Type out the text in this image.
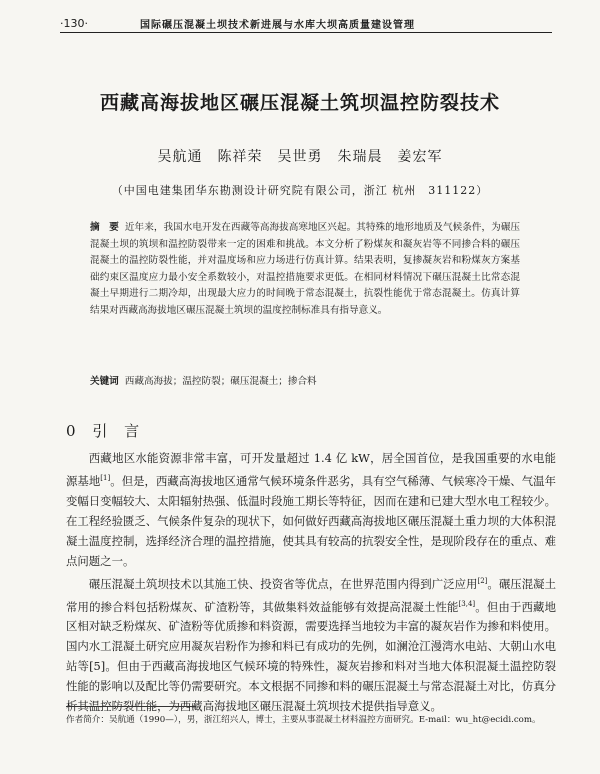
·130·	国际碾压混凝土坝技术新进展与水库大坝高质量建设管理
西藏高海拔地区碾压混凝土筑坝温控防裂技术
吴航通　陈祥荣　吴世勇　朱瑞晨　姜宏军
（中国电建集团华东勘测设计研究院有限公司，浙江 杭州　311122）
摘　要 近年来，我国水电开发在西藏等高海拔高寒地区兴起。其特殊的地形地质及气候条件，为碾压混凝土坝的筑坝和温控防裂带来一定的困难和挑战。本文分析了粉煤灰和凝灰岩等不同掺合料的碾压混凝土的温控防裂性能，并对温度场和应力场进行仿真计算。结果表明，复掺凝灰岩和粉煤灰方案基础约束区温度应力最小安全系数较小，对温控措施要求更低。在相同材料情况下碾压混凝土比常态混凝土早期进行二期冷却，出现最大应力的时间晚于常态混凝土，抗裂性能优于常态混凝土。仿真计算结果对西藏高海拔地区碾压混凝土筑坝的温度控制标准具有指导意义。
关键词 西藏高海拔；温控防裂；碾压混凝土；掺合料
0 引 言

西藏地区水能资源非常丰富，可开发量超过 1.4 亿 kW，居全国首位，是我国重要的水电能源基地[1]。但是，西藏高海拔地区通常气候环境条件恶劣，具有空气稀薄、气候寒冷干燥、气温年变幅日变幅较大、太阳辐射热强、低温时段施工期长等特征，因而在建和已建大型水电工程较少。在工程经验匮乏、气候条件复杂的现状下，如何做好西藏高海拔地区碾压混凝土重力坝的大体积混凝土温度控制，选择经济合理的温控措施，使其具有较高的抗裂安全性，是现阶段存在的重点、难点问题之一。

碾压混凝土筑坝技术以其施工快、投资省等优点，在世界范围内得到广泛应用[2]。碾压混凝土常用的掺合料包括粉煤灰、矿渣粉等，其做集料效益能够有效提高混凝土性能[3,4]。但由于西藏地区相对缺乏粉煤灰、矿渣粉等优质掺和料资源，需要选择当地较为丰富的凝灰岩作为掺和料使用。国内水工混凝土研究应用凝灰岩粉作为掺和料已有成功的先例，如澜沧江漫湾水电站、大朝山水电站等[5]。但由于西藏高海拔地区气候环境的特殊性，凝灰岩掺和料对当地大体积混凝土温控防裂性能的影响以及配比等仍需要研究。本文根据不同掺和料的碾压混凝土与常态混凝土对比，仿真分析其温控防裂性能，为西藏高海拔地区碾压混凝土筑坝技术提供指导意义。

作者简介：吴航通（1990—），男，浙江绍兴人，博士，主要从事混凝土材料温控方面研究。E-mail：wu_ht@ecidi.com。
